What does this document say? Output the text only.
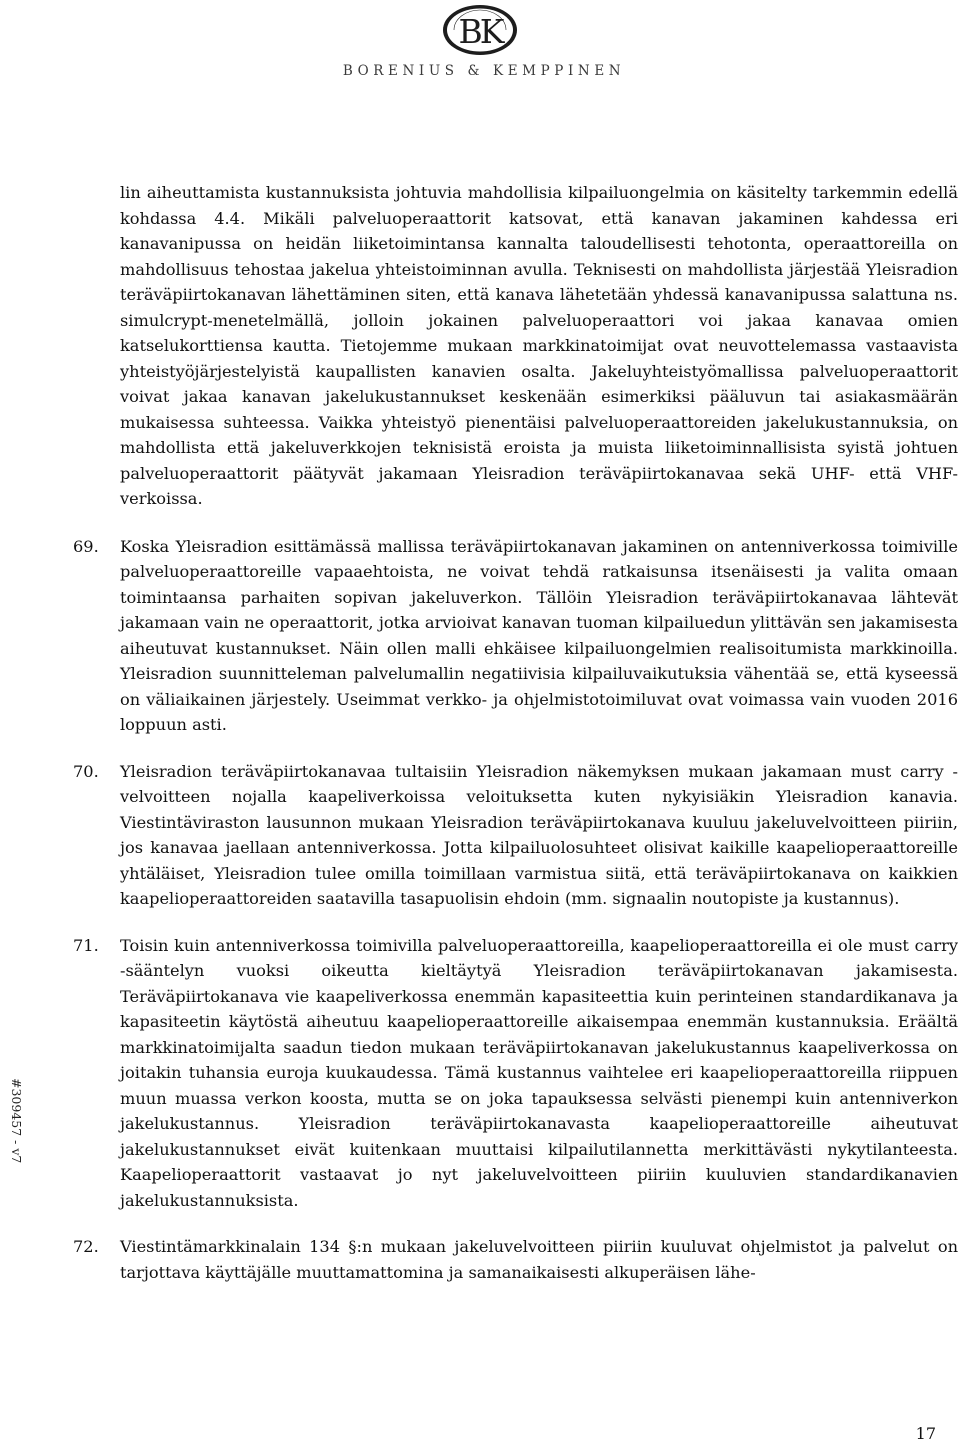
BK
BORENIUS & KEMPPINEN

lin aiheuttamista kustannuksista johtuvia mahdollisia kilpailuongelmia on käsitelty tarkemmin edellä kohdassa 4.4. Mikäli palveluoperaattorit katsovat, että kanavan jakaminen kahdessa eri kanavanipussa on heidän liiketoimintansa kannalta taloudellisesti tehotonta, operaattoreilla on mahdollisuus tehostaa jakelua yhteistoiminnan avulla. Teknisesti on mahdollista järjestää Yleisradion teräväpiirtokanavan lähettäminen siten, että kanava lähetetään yhdessä kanavanipussa salattuna ns. simulcrypt-menetelmällä, jolloin jokainen palveluoperaattori voi jakaa kanavaa omien katselukorttiensa kautta. Tietojemme mukaan markkinatoimijat ovat neuvottelemassa vastaavista yhteistyöjärjestelyistä kaupallisten kanavien osalta. Jakeluyhteistyömallissa palveluoperaattorit voivat jakaa kanavan jakelukustannukset keskenään esimerkiksi pääluvun tai asiakasmäärän mukaisessa suhteessa. Vaikka yhteistyö pienentäisi palveluoperaattoreiden jakelukustannuksia, on mahdollista että jakeluverkkojen teknisistä eroista ja muista liiketoiminnallisista syistä johtuen palveluoperaattorit päätyvät jakamaan Yleisradion teräväpiirtokanavaa sekä UHF- että VHF-verkoissa.

69. Koska Yleisradion esittämässä mallissa teräväpiirtokanavan jakaminen on antenniverkossa toimiville palveluoperaattoreille vapaaehtoista, ne voivat tehdä ratkaisunsa itsenäisesti ja valita omaan toimintaansa parhaiten sopivan jakeluverkon. Tällöin Yleisradion teräväpiirtokanavaa lähtevät jakamaan vain ne operaattorit, jotka arvioivat kanavan tuoman kilpailuedun ylittävän sen jakamisesta aiheutuvat kustannukset. Näin ollen malli ehkäisee kilpailuongelmien realisoitumista markkinoilla. Yleisradion suunnitteleman palvelumallin negatiivisia kilpailuvaikutuksia vähentää se, että kyseessä on väliaikainen järjestely. Useimmat verkko- ja ohjelmistotoimiluvat ovat voimassa vain vuoden 2016 loppuun asti.

70. Yleisradion teräväpiirtokanavaa tultaisiin Yleisradion näkemyksen mukaan jakamaan must carry -velvoitteen nojalla kaapeliverkoissa veloituksetta kuten nykyisiäkin Yleisradion kanavia. Viestintäviraston lausunnon mukaan Yleisradion teräväpiirtokanava kuuluu jakeluvelvoitteen piiriin, jos kanavaa jaellaan antenniverkossa. Jotta kilpailuolosuhteet olisivat kaikille kaapelioperaattoreille yhtäläiset, Yleisradion tulee omilla toimillaan varmistua siitä, että teräväpiirtokanava on kaikkien kaapelioperaattoreiden saatavilla tasapuolisin ehdoin (mm. signaalin noutopiste ja kustannus).

71. Toisin kuin antenniverkossa toimivilla palveluoperaattoreilla, kaapelioperaattoreilla ei ole must carry -sääntelyn vuoksi oikeutta kieltäytyä Yleisradion teräväpiirtokanavan jakamisesta. Teräväpiirtokanava vie kaapeliverkossa enemmän kapasiteettia kuin perinteinen standardikanava ja kapasiteetin käytöstä aiheutuu kaapelioperaattoreille aikaisempaa enemmän kustannuksia. Eräältä markkinatoimijalta saadun tiedon mukaan teräväpiirtokanavan jakelukustannus kaapeliverkossa on joitakin tuhansia euroja kuukaudessa. Tämä kustannus vaihtelee eri kaapelioperaattoreilla riippuen muun muassa verkon koosta, mutta se on joka tapauksessa selvästi pienempi kuin antenniverkon jakelukustannus. Yleisradion teräväpiirtokanavasta kaapelioperaattoreille aiheutuvat jakelukustannukset eivät kuitenkaan muuttaisi kilpailutilannetta merkittävästi nykytilanteesta. Kaapelioperaattorit vastaavat jo nyt jakeluvelvoitteen piiriin kuuluvien standardikanavien jakelukustannuksista.

72. Viestintämarkkinalain 134 §:n mukaan jakeluvelvoitteen piiriin kuuluvat ohjelmistot ja palvelut on tarjottava käyttäjälle muuttamattomina ja samanaikaisesti alkuperäisen lähe-

#309457 - v7
17
